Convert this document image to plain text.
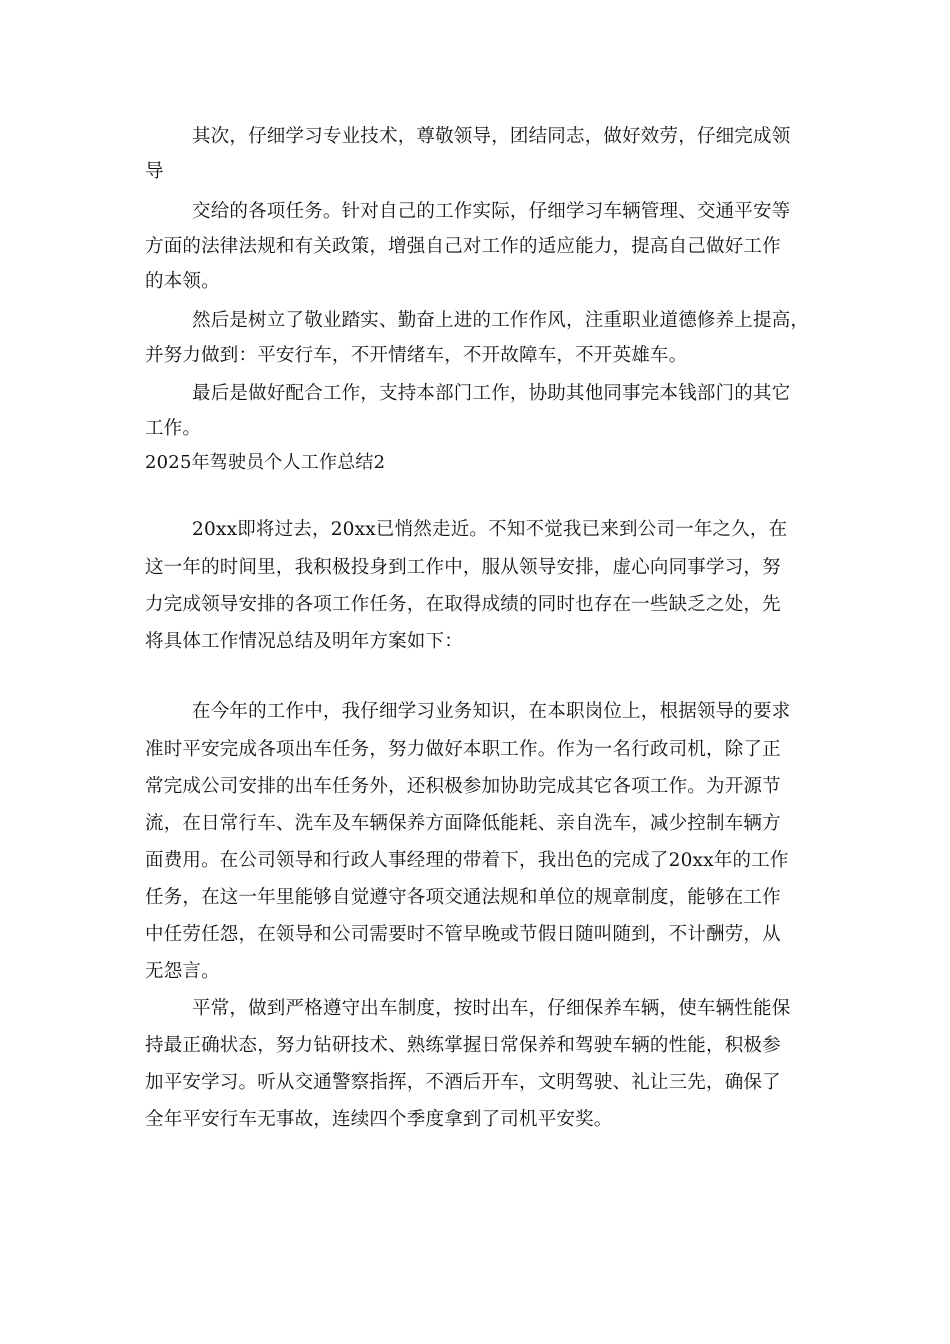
其次，仔细学习专业技术，尊敬领导，团结同志，做好效劳，仔细完成领
导
交给的各项任务。针对自己的工作实际，仔细学习车辆管理、交通平安等
方面的法律法规和有关政策，增强自己对工作的适应能力，提高自己做好工作
的本领。
然后是树立了敬业踏实、勤奋上进的工作作风，注重职业道德修养上提高，
并努力做到：平安行车，不开情绪车，不开故障车，不开英雄车。
最后是做好配合工作，支持本部门工作，协助其他同事完本钱部门的其它
工作。
2025年驾驶员个人工作总结2
20xx即将过去，20xx已悄然走近。不知不觉我已来到公司一年之久，在
这一年的时间里，我积极投身到工作中，服从领导安排，虚心向同事学习，努
力完成领导安排的各项工作任务，在取得成绩的同时也存在一些缺乏之处，先
将具体工作情况总结及明年方案如下：
在今年的工作中，我仔细学习业务知识，在本职岗位上，根据领导的要求
准时平安完成各项出车任务，努力做好本职工作。作为一名行政司机，除了正
常完成公司安排的出车任务外，还积极参加协助完成其它各项工作。为开源节
流，在日常行车、洗车及车辆保养方面降低能耗、亲自洗车，减少控制车辆方
面费用。在公司领导和行政人事经理的带着下，我出色的完成了20xx年的工作
任务，在这一年里能够自觉遵守各项交通法规和单位的规章制度，能够在工作
中任劳任怨，在领导和公司需要时不管早晚或节假日随叫随到，不计酬劳，从
无怨言。
平常，做到严格遵守出车制度，按时出车，仔细保养车辆，使车辆性能保
持最正确状态，努力钻研技术、熟练掌握日常保养和驾驶车辆的性能，积极参
加平安学习。听从交通警察指挥，不酒后开车，文明驾驶、礼让三先，确保了
全年平安行车无事故，连续四个季度拿到了司机平安奖。
